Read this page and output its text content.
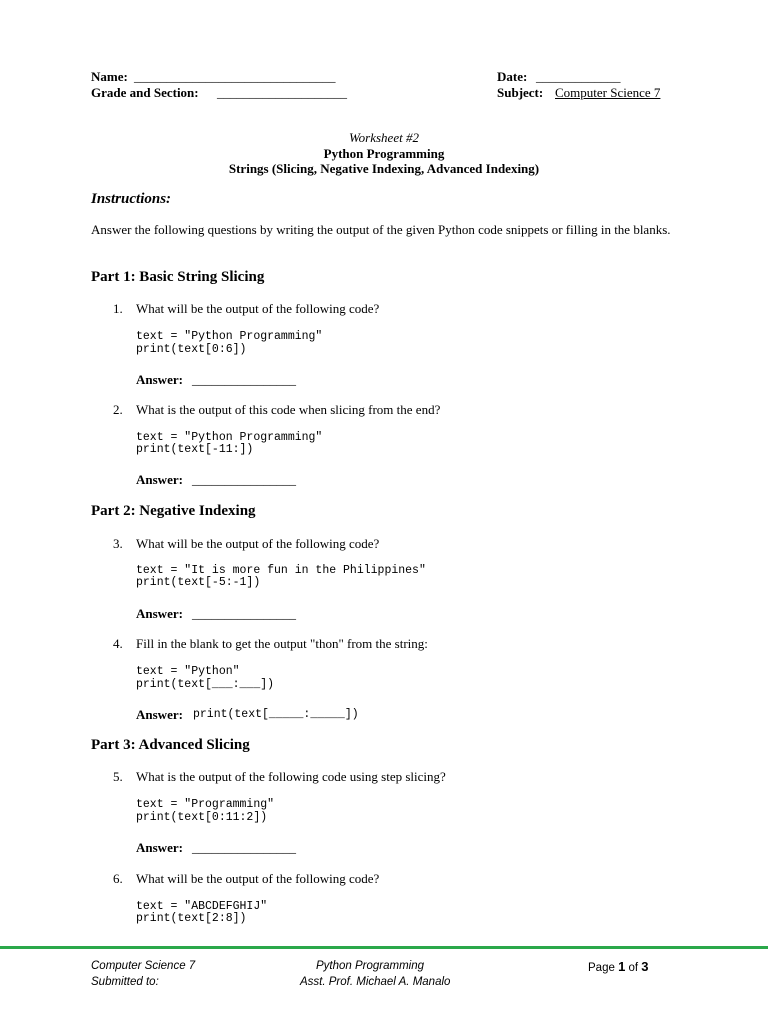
Name: _______________________________
Grade and Section: ____________________
Date: _____________
Subject: Computer Science 7
Worksheet #2
Python Programming
Strings (Slicing, Negative Indexing, Advanced Indexing)
Instructions:
Answer the following questions by writing the output of the given Python code snippets or filling in the blanks.
Part 1: Basic String Slicing
1. What will be the output of the following code?
text = "Python Programming"
print(text[0:6])
Answer: ________________
2. What is the output of this code when slicing from the end?
text = "Python Programming"
print(text[-11:])
Answer: ________________
Part 2: Negative Indexing
3. What will be the output of the following code?
text = "It is more fun in the Philippines"
print(text[-5:-1])
Answer: ________________
4. Fill in the blank to get the output "thon" from the string:
text = "Python"
print(text[___:___])
Answer: print(text[_____:_____])
Part 3: Advanced Slicing
5. What is the output of the following code using step slicing?
text = "Programming"
print(text[0:11:2])
Answer: ________________
6. What will be the output of the following code?
text = "ABCDEFGHIJ"
print(text[2:8])
Computer Science 7
Submitted to:
Python Programming
Asst. Prof. Michael A. Manalo
Page 1 of 3
